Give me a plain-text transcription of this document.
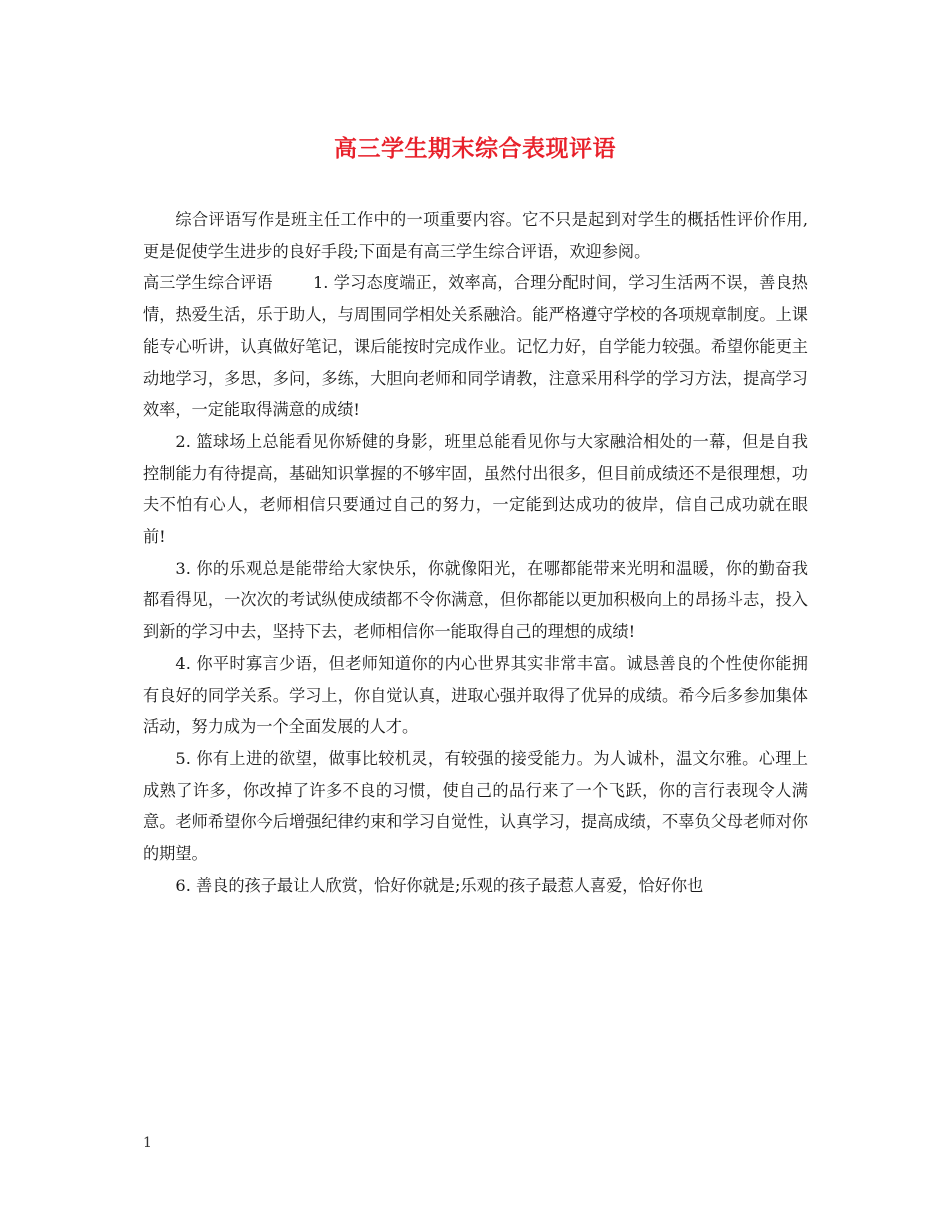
高三学生期末综合表现评语

综合评语写作是班主任工作中的一项重要内容。它不只是起到对学生的概括性评价作用,更是促使学生进步的良好手段;下面是有高三学生综合评语，欢迎参阅。

高三学生综合评语	1. 学习态度端正，效率高，合理分配时间，学习生活两不误，善良热情，热爱生活，乐于助人，与周围同学相处关系融洽。能严格遵守学校的各项规章制度。上课能专心听讲，认真做好笔记，课后能按时完成作业。记忆力好，自学能力较强。希望你能更主动地学习，多思，多问，多练，大胆向老师和同学请教，注意采用科学的学习方法，提高学习效率，一定能取得满意的成绩!

2. 篮球场上总能看见你矫健的身影，班里总能看见你与大家融洽相处的一幕，但是自我控制能力有待提高，基础知识掌握的不够牢固，虽然付出很多，但目前成绩还不是很理想，功夫不怕有心人，老师相信只要通过自己的努力，一定能到达成功的彼岸，信自己成功就在眼前!

3. 你的乐观总是能带给大家快乐，你就像阳光，在哪都能带来光明和温暖，你的勤奋我都看得见，一次次的考试纵使成绩都不令你满意，但你都能以更加积极向上的昂扬斗志，投入到新的学习中去，坚持下去，老师相信你一能取得自己的理想的成绩!

4. 你平时寡言少语，但老师知道你的内心世界其实非常丰富。诚恳善良的个性使你能拥有良好的同学关系。学习上，你自觉认真，进取心强并取得了优异的成绩。希今后多参加集体活动，努力成为一个全面发展的人才。

5. 你有上进的欲望，做事比较机灵，有较强的接受能力。为人诚朴，温文尔雅。心理上成熟了许多，你改掉了许多不良的习惯，使自己的品行来了一个飞跃，你的言行表现令人满意。老师希望你今后增强纪律约束和学习自觉性，认真学习，提高成绩，不辜负父母老师对你的期望。

6. 善良的孩子最让人欣赏，恰好你就是;乐观的孩子最惹人喜爱，恰好你也

1
